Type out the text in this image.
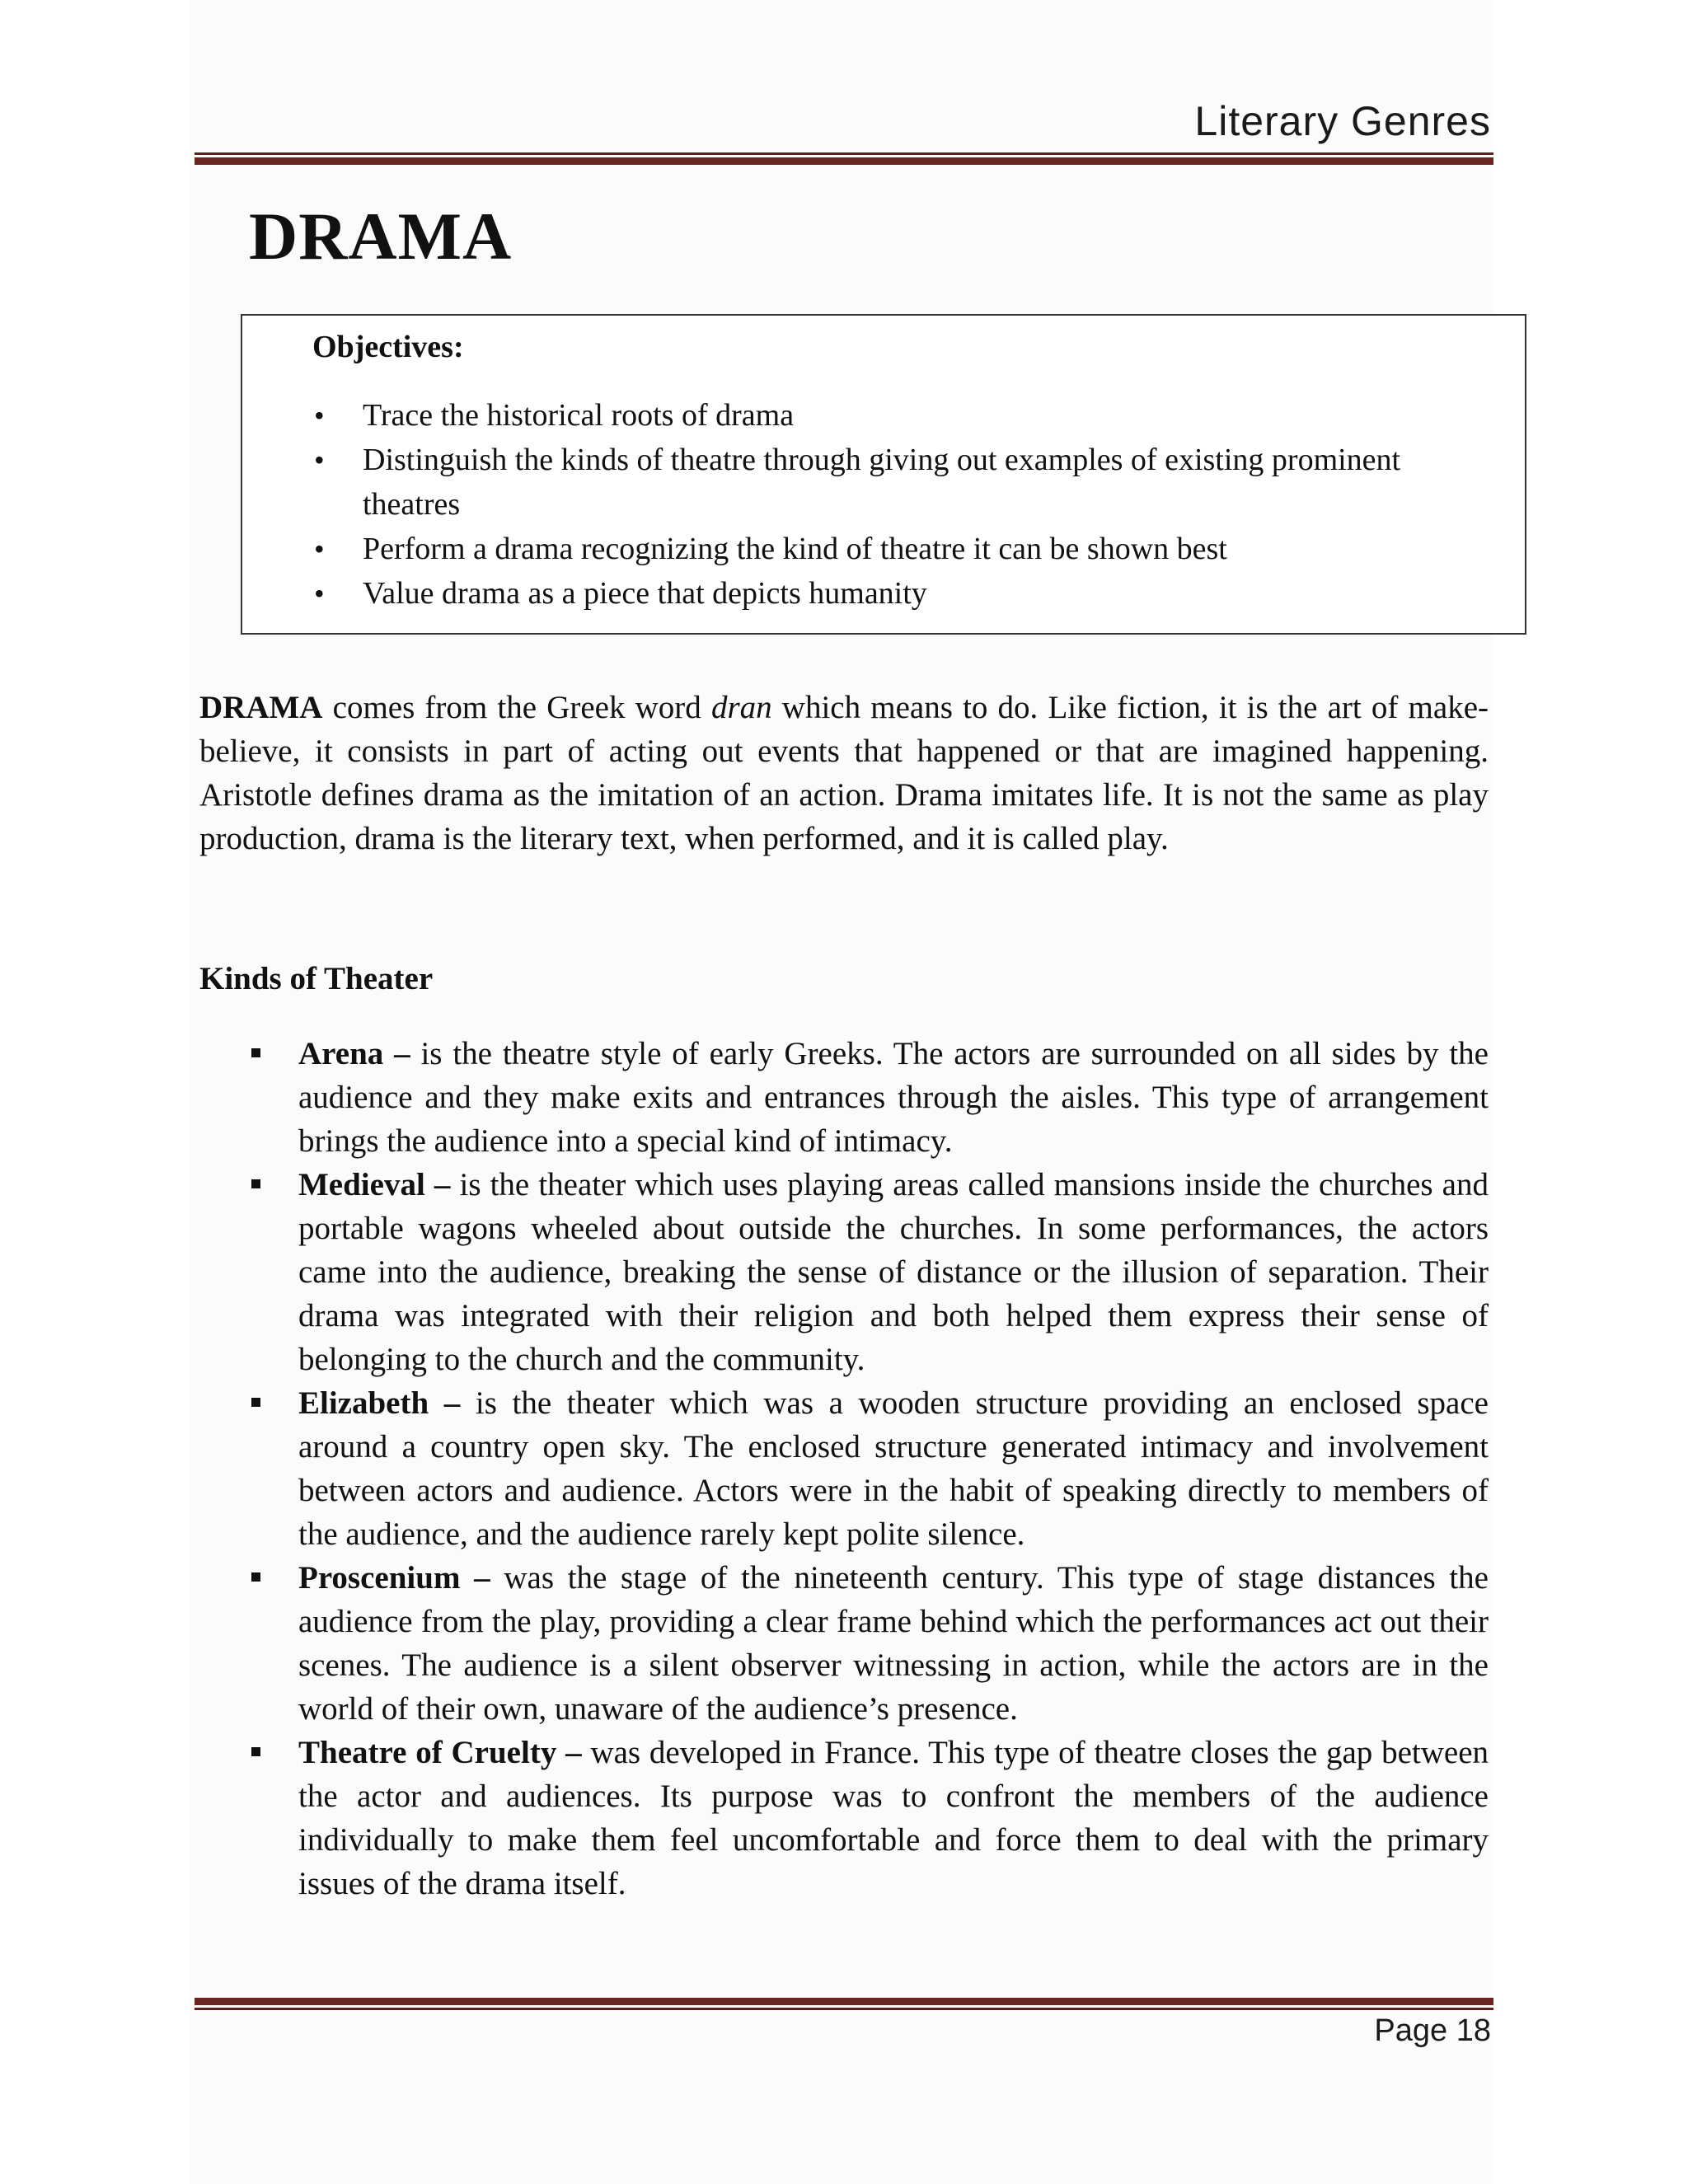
Literary Genres
DRAMA
Objectives:
• Trace the historical roots of drama
• Distinguish the kinds of theatre through giving out examples of existing prominent theatres
• Perform a drama recognizing the kind of theatre it can be shown best
• Value drama as a piece that depicts humanity

DRAMA comes from the Greek word dran which means to do. Like fiction, it is the art of make-believe, it consists in part of acting out events that happened or that are imagined happening. Aristotle defines drama as the imitation of an action. Drama imitates life. It is not the same as play production, drama is the literary text, when performed, and it is called play.

Kinds of Theater
Arena – is the theatre style of early Greeks. The actors are surrounded on all sides by the audience and they make exits and entrances through the aisles. This type of arrangement brings the audience into a special kind of intimacy.
Medieval – is the theater which uses playing areas called mansions inside the churches and portable wagons wheeled about outside the churches. In some performances, the actors came into the audience, breaking the sense of distance or the illusion of separation. Their drama was integrated with their religion and both helped them express their sense of belonging to the church and the community.
Elizabeth – is the theater which was a wooden structure providing an enclosed space around a country open sky. The enclosed structure generated intimacy and involvement between actors and audience. Actors were in the habit of speaking directly to members of the audience, and the audience rarely kept polite silence.
Proscenium – was the stage of the nineteenth century. This type of stage distances the audience from the play, providing a clear frame behind which the performances act out their scenes. The audience is a silent observer witnessing in action, while the actors are in the world of their own, unaware of the audience’s presence.
Theatre of Cruelty – was developed in France. This type of theatre closes the gap between the actor and audiences. Its purpose was to confront the members of the audience individually to make them feel uncomfortable and force them to deal with the primary issues of the drama itself.
Page 18
